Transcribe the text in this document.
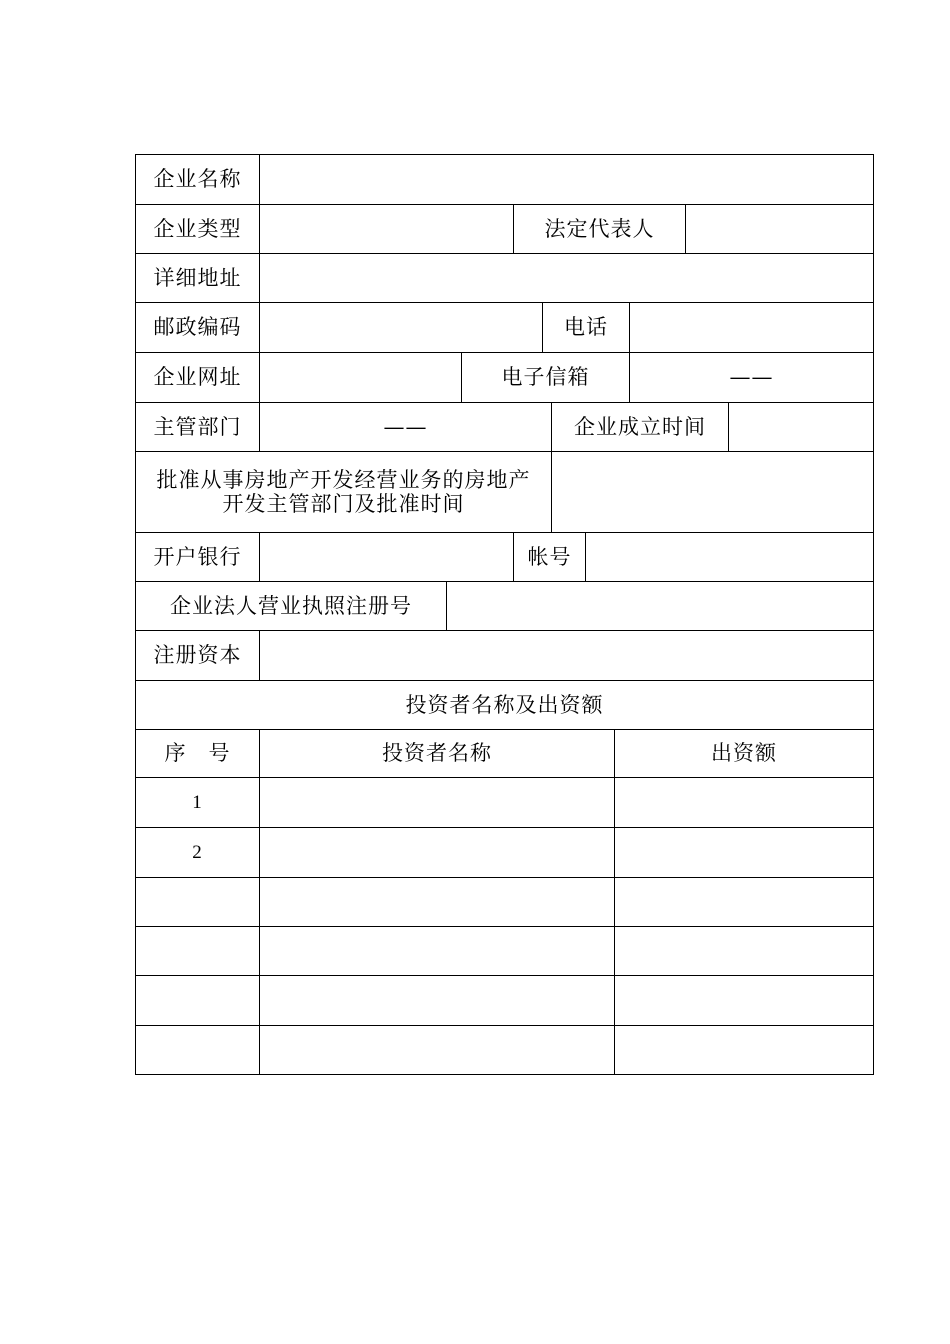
企业名称
企业类型	法定代表人
详细地址
邮政编码	电话
企业网址	电子信箱	——
主管部门	——	企业成立时间
批准从事房地产开发经营业务的房地产开发主管部门及批准时间
开户银行	帐号
企业法人营业执照注册号
注册资本
投资者名称及出资额
序　号	投资者名称	出资额
1
2
